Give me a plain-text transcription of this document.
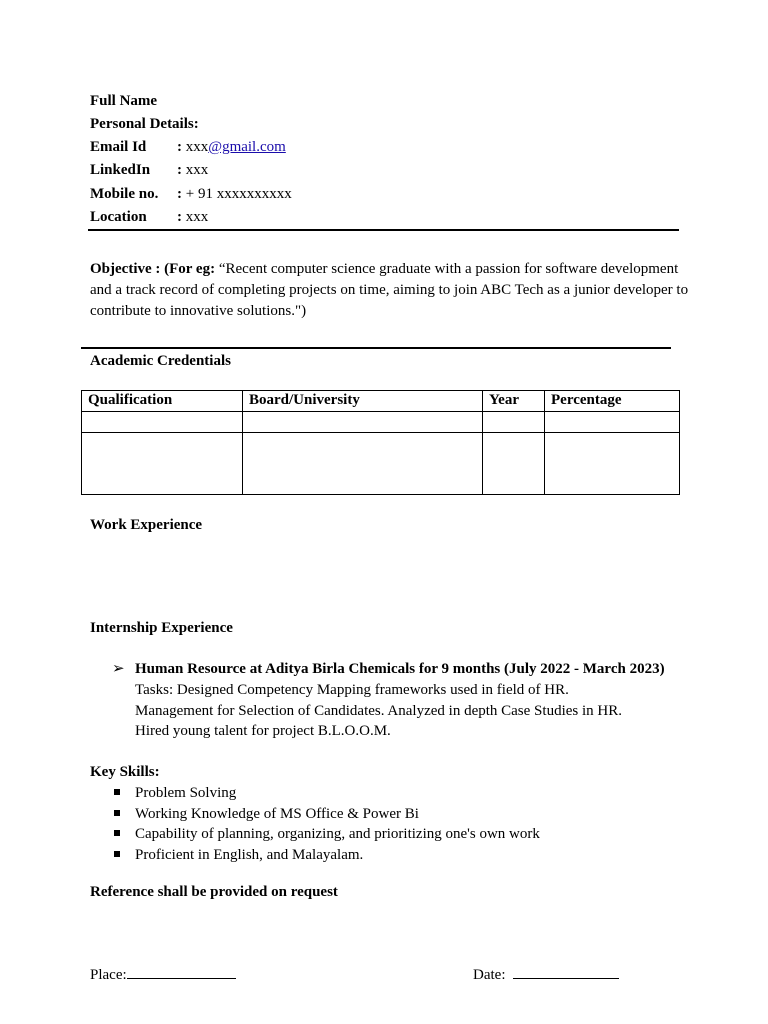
Full Name
Personal Details:
Email Id : xxx@gmail.com
LinkedIn : xxx
Mobile no. : + 91 xxxxxxxxxx
Location : xxx
Objective : (For eg: “Recent computer science graduate with a passion for software development and a track record of completing projects on time, aiming to join ABC Tech as a junior developer to contribute to innovative solutions.")
Academic Credentials
Qualification	Board/University	Year	Percentage

Work Experience
Internship Experience
➢ Human Resource at Aditya Birla Chemicals for 9 months (July 2022 - March 2023)
Tasks: Designed Competency Mapping frameworks used in field of HR.
Management for Selection of Candidates. Analyzed in depth Case Studies in HR.
Hired young talent for project B.L.O.O.M.
Key Skills:
Problem Solving
Working Knowledge of MS Office & Power Bi
Capability of planning, organizing, and prioritizing one's own work
Proficient in English, and Malayalam.
Reference shall be provided on request
Place:	Date:
